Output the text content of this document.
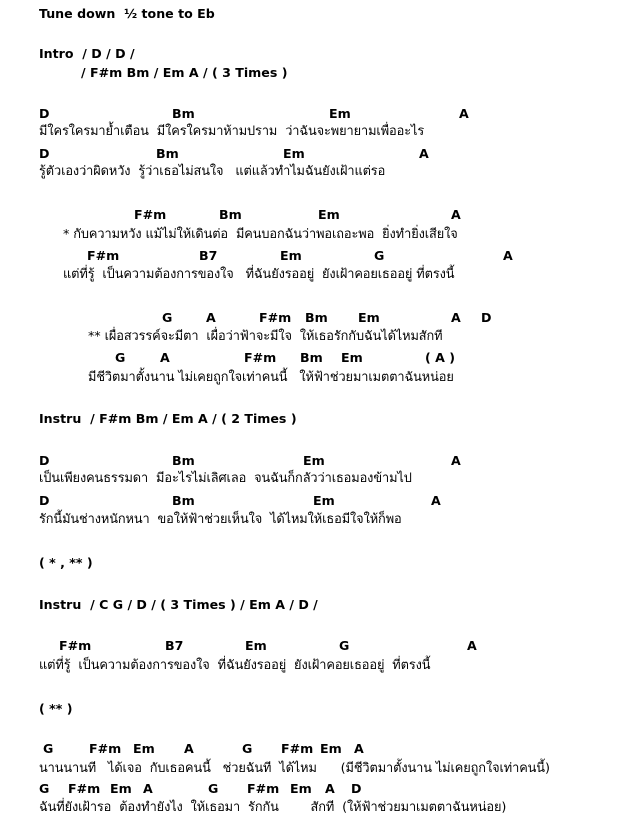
Tune down  ½ tone to Eb
Intro  / D / D /
/ F#m Bm / Em A / ( 3 Times )
D	Bm	Em	A
มีใครใครมาย้ำเตือน  มีใครใครมาห้ามปราม  ว่าฉันจะพยายามเพื่ออะไร
D	Bm	Em	A
รู้ตัวเองว่าผิดหวัง  รู้ว่าเธอไม่สนใจ   แต่แล้วทำไมฉันยังเฝ้าแต่รอ
F#m	Bm	Em	A
* กับความหวัง แม้ไม่ให้เดินต่อ  มีคนบอกฉันว่าพอเถอะพอ  ยิ่งทำยิ่งเสียใจ
F#m	B7	Em	G	A
แต่ที่รู้  เป็นความต้องการของใจ   ที่ฉันยังรออยู่  ยังเฝ้าคอยเธออยู่ ที่ตรงนี้
G	A	F#m Bm Em	A D
** เผื่อสวรรค์จะมีตา  เผื่อว่าฟ้าจะมีใจ  ให้เธอรักกับฉันได้ไหมสักที
G	A	F#m Bm Em	( A )
มีชีวิตมาตั้งนาน ไม่เคยถูกใจเท่าคนนี้   ให้ฟ้าช่วยมาเมตตาฉันหน่อย
Instru  / F#m Bm / Em A / ( 2 Times )
D	Bm	Em	A
เป็นเพียงคนธรรมดา  มีอะไรไม่เลิศเลอ  จนฉันก็กลัวว่าเธอมองข้ามไป
D	Bm	Em	A
รักนี้มันช่างหนักหนา  ขอให้ฟ้าช่วยเห็นใจ  ได้ไหมให้เธอมีใจให้ก็พอ
( * , ** )
Instru  / C G / D / ( 3 Times ) / Em A / D /
F#m	B7	Em	G	A
แต่ที่รู้  เป็นความต้องการของใจ  ที่ฉันยังรออยู่  ยังเฝ้าคอยเธออยู่  ที่ตรงนี้
( ** )
G	F#m Em A	G F#m Em A
นานนานที   ได้เจอ  กับเธอคนนี้   ช่วยฉันที  ได้ไหม      (มีชีวิตมาตั้งนาน ไม่เคยถูกใจเท่าคนนี้)
G F#m Em A	G F#m Em A D
ฉันที่ยังเฝ้ารอ  ต้องทำยังไง  ให้เธอมา  รักกัน        สักที  (ให้ฟ้าช่วยมาเมตตาฉันหน่อย)
